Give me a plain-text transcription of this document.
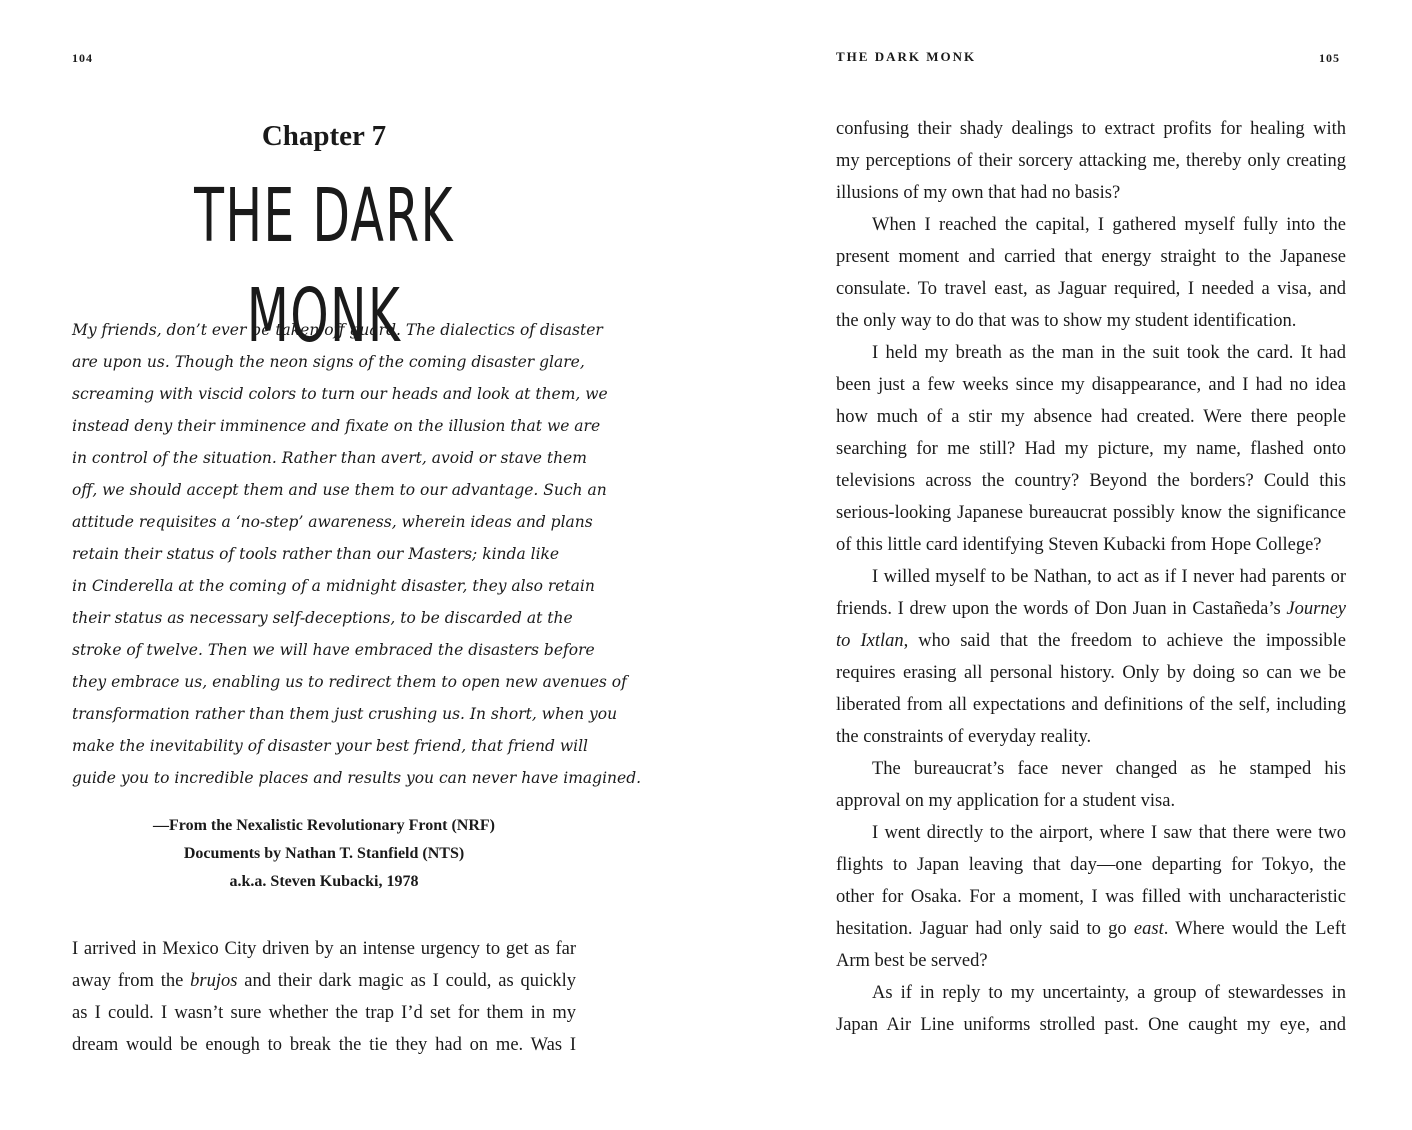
104
Chapter 7
THE DARK MONK
My friends, don’t ever be taken off guard. The dialectics of disaster
are upon us. Though the neon signs of the coming disaster glare,
screaming with viscid colors to turn our heads and look at them, we
instead deny their imminence and fixate on the illusion that we are
in control of the situation. Rather than avert, avoid or stave them
off, we should accept them and use them to our advantage. Such an
attitude requisites a ‘no-step’ awareness, wherein ideas and plans
retain their status of tools rather than our Masters; kinda like
in Cinderella at the coming of a midnight disaster, they also retain
their status as necessary self-deceptions, to be discarded at the
stroke of twelve. Then we will have embraced the disasters before
they embrace us, enabling us to redirect them to open new avenues of
transformation rather than them just crushing us. In short, when you
make the inevitability of disaster your best friend, that friend will
guide you to incredible places and results you can never have imagined.
—From the Nexalistic Revolutionary Front (NRF)
Documents by Nathan T. Stanfield (NTS)
a.k.a. Steven Kubacki, 1978
I arrived in Mexico City driven by an intense urgency to get as far
away from the brujos and their dark magic as I could, as quickly
as I could. I wasn’t sure whether the trap I’d set for them in my
dream would be enough to break the tie they had on me. Was I
THE DARK MONK	105
confusing their shady dealings to extract profits for healing with
my perceptions of their sorcery attacking me, thereby only creating
illusions of my own that had no basis?
When I reached the capital, I gathered myself fully into the
present moment and carried that energy straight to the Japanese
consulate. To travel east, as Jaguar required, I needed a visa, and
the only way to do that was to show my student identification.
I held my breath as the man in the suit took the card. It had
been just a few weeks since my disappearance, and I had no idea
how much of a stir my absence had created. Were there people
searching for me still? Had my picture, my name, flashed onto
televisions across the country? Beyond the borders? Could this
serious-looking Japanese bureaucrat possibly know the significance
of this little card identifying Steven Kubacki from Hope College?
I willed myself to be Nathan, to act as if I never had parents or
friends. I drew upon the words of Don Juan in Castañeda’s Journey
to Ixtlan, who said that the freedom to achieve the impossible
requires erasing all personal history. Only by doing so can we be
liberated from all expectations and definitions of the self, including
the constraints of everyday reality.
The bureaucrat’s face never changed as he stamped his
approval on my application for a student visa.
I went directly to the airport, where I saw that there were two
flights to Japan leaving that day—one departing for Tokyo, the
other for Osaka. For a moment, I was filled with uncharacteristic
hesitation. Jaguar had only said to go east. Where would the Left
Arm best be served?
As if in reply to my uncertainty, a group of stewardesses in
Japan Air Line uniforms strolled past. One caught my eye, and
